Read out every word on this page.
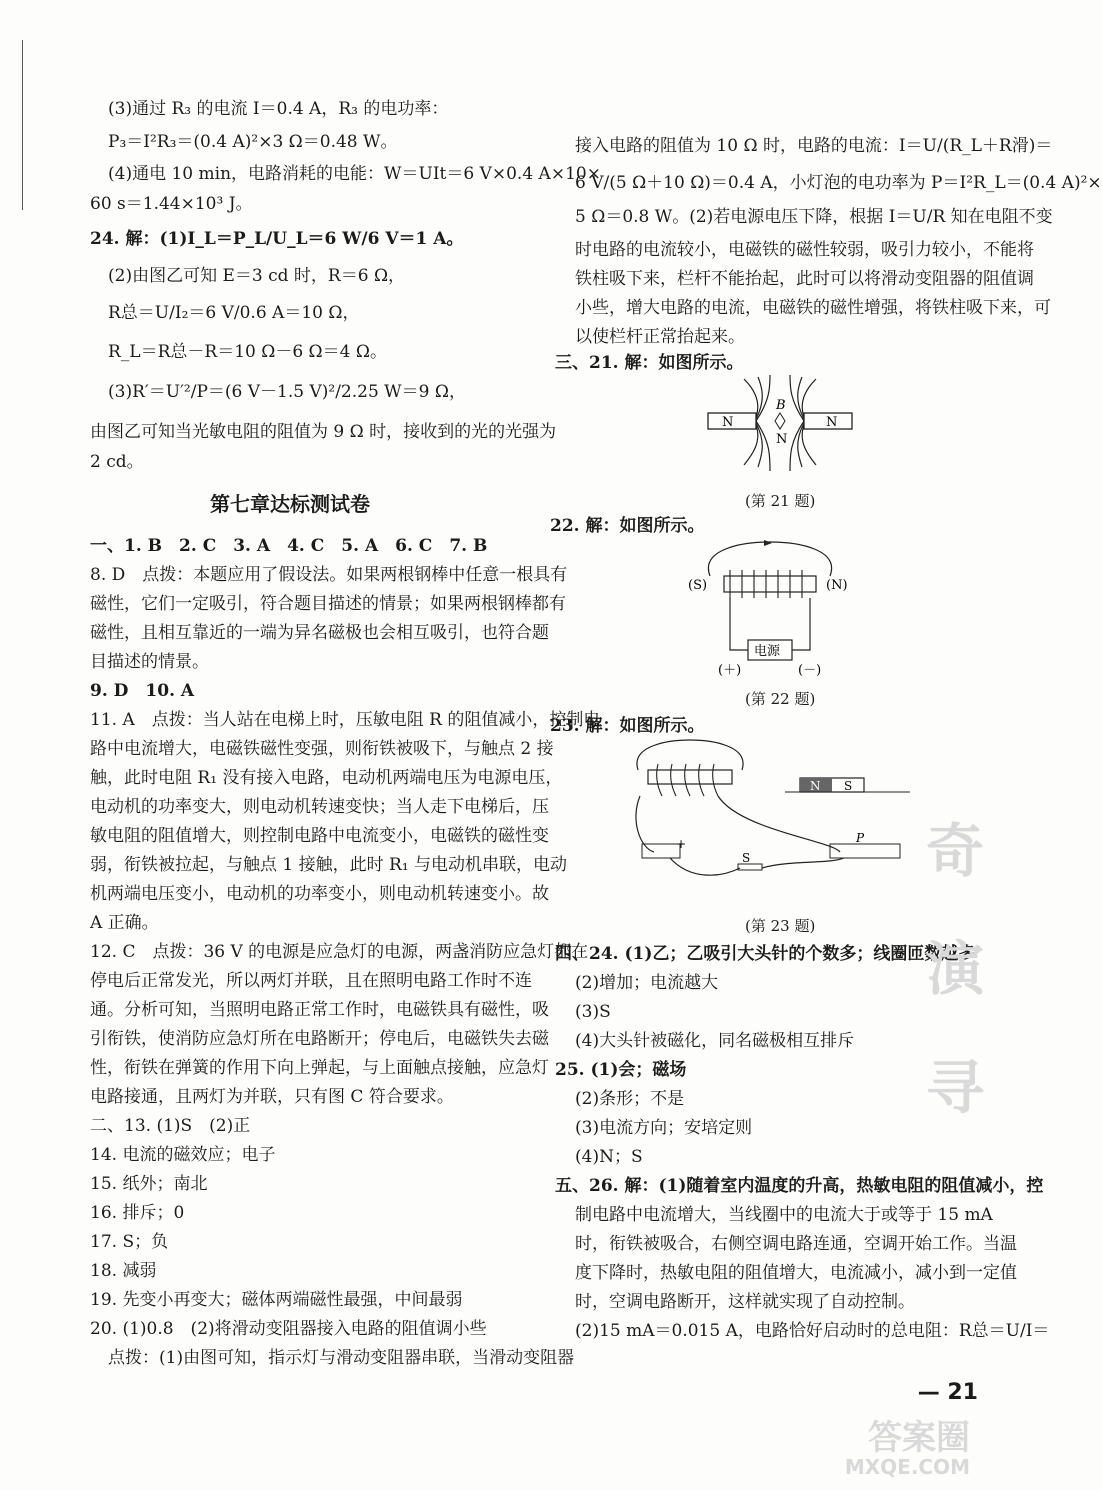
(3)通过 R₃ 的电流 I＝0.4 A，R₃ 的电功率：
P₃＝I²R₃＝(0.4 A)²×3 Ω＝0.48 W。
(4)通电 10 min，电路消耗的电能：W＝UIt＝6 V×0.4 A×10×
60 s＝1.44×10³ J。
24. 解：(1)I_L＝P_L/U_L＝6 W/6 V＝1 A。
(2)由图乙可知 E＝3 cd 时，R＝6 Ω，
R总＝U/I₂＝6 V/0.6 A＝10 Ω，
R_L＝R总－R＝10 Ω－6 Ω＝4 Ω。
(3)R′＝U′²/P＝(6 V－1.5 V)²/2.25 W＝9 Ω，
由图乙可知当光敏电阻的阻值为 9 Ω 时，接收到的光的光强为
2 cd。
第七章达标测试卷
一、1. B　2. C　3. A　4. C　5. A　6. C　7. B
8. D　点拨：本题应用了假设法。如果两根钢棒中任意一根具有
磁性，它们一定吸引，符合题目描述的情景；如果两根钢棒都有
磁性，且相互靠近的一端为异名磁极也会相互吸引，也符合题
目描述的情景。
9. D　10. A
11. A　点拨：当人站在电梯上时，压敏电阻 R 的阻值减小，控制电
路中电流增大，电磁铁磁性变强，则衔铁被吸下，与触点 2 接
触，此时电阻 R₁ 没有接入电路，电动机两端电压为电源电压，
电动机的功率变大，则电动机转速变快；当人走下电梯后，压
敏电阻的阻值增大，则控制电路中电流变小，电磁铁的磁性变
弱，衔铁被拉起，与触点 1 接触，此时 R₁ 与电动机串联，电动
机两端电压变小，电动机的功率变小，则电动机转速变小。故
A 正确。
12. C　点拨：36 V 的电源是应急灯的电源，两盏消防应急灯都在
停电后正常发光，所以两灯并联，且在照明电路工作时不连
通。分析可知，当照明电路正常工作时，电磁铁具有磁性，吸
引衔铁，使消防应急灯所在电路断开；停电后，电磁铁失去磁
性，衔铁在弹簧的作用下向上弹起，与上面触点接触，应急灯
电路接通，且两灯为并联，只有图 C 符合要求。
二、13. (1)S　(2)正
14. 电流的磁效应；电子
15. 纸外；南北
16. 排斥；0
17. S；负
18. 减弱
19. 先变小再变大；磁体两端磁性最强，中间最弱
20. (1)0.8　(2)将滑动变阻器接入电路的阻值调小些
点拨：(1)由图可知，指示灯与滑动变阻器串联，当滑动变阻器
接入电路的阻值为 10 Ω 时，电路的电流：I＝U/(R_L＋R滑)＝
6 V/(5 Ω＋10 Ω)＝0.4 A，小灯泡的电功率为 P＝I²R_L＝(0.4 A)²×
5 Ω＝0.8 W。(2)若电源电压下降，根据 I＝U/R 知在电阻不变
时电路的电流较小，电磁铁的磁性较弱，吸引力较小，不能将
铁柱吸下来，栏杆不能抬起，此时可以将滑动变阻器的阻值调
小些，增大电路的电流，电磁铁的磁性增强，将铁柱吸下来，可
以使栏杆正常抬起来。
三、21. 解：如图所示。
N	N
B
N
(第 21 题)
22. 解：如图所示。
(S)	(N)
电源
(＋)	(－)
(第 22 题)
23. 解：如图所示。
N S
P
S
+
(第 23 题)
四、24. (1)乙；乙吸引大头针的个数多；线圈匝数越多
(2)增加；电流越大
(3)S
(4)大头针被磁化，同名磁极相互排斥
25. (1)会；磁场
(2)条形；不是
(3)电流方向；安培定则
(4)N；S
五、26. 解：(1)随着室内温度的升高，热敏电阻的阻值减小，控
制电路中电流增大，当线圈中的电流大于或等于 15 mA
时，衔铁被吸合，右侧空调电路连通，空调开始工作。当温
度下降时，热敏电阻的阻值增大，电流减小，减小到一定值
时，空调电路断开，这样就实现了自动控制。
(2)15 mA＝0.015 A，电路恰好启动时的总电阻：R总＝U/I＝
— 21
答案圈
MXQE.COM
奇 演 寻
